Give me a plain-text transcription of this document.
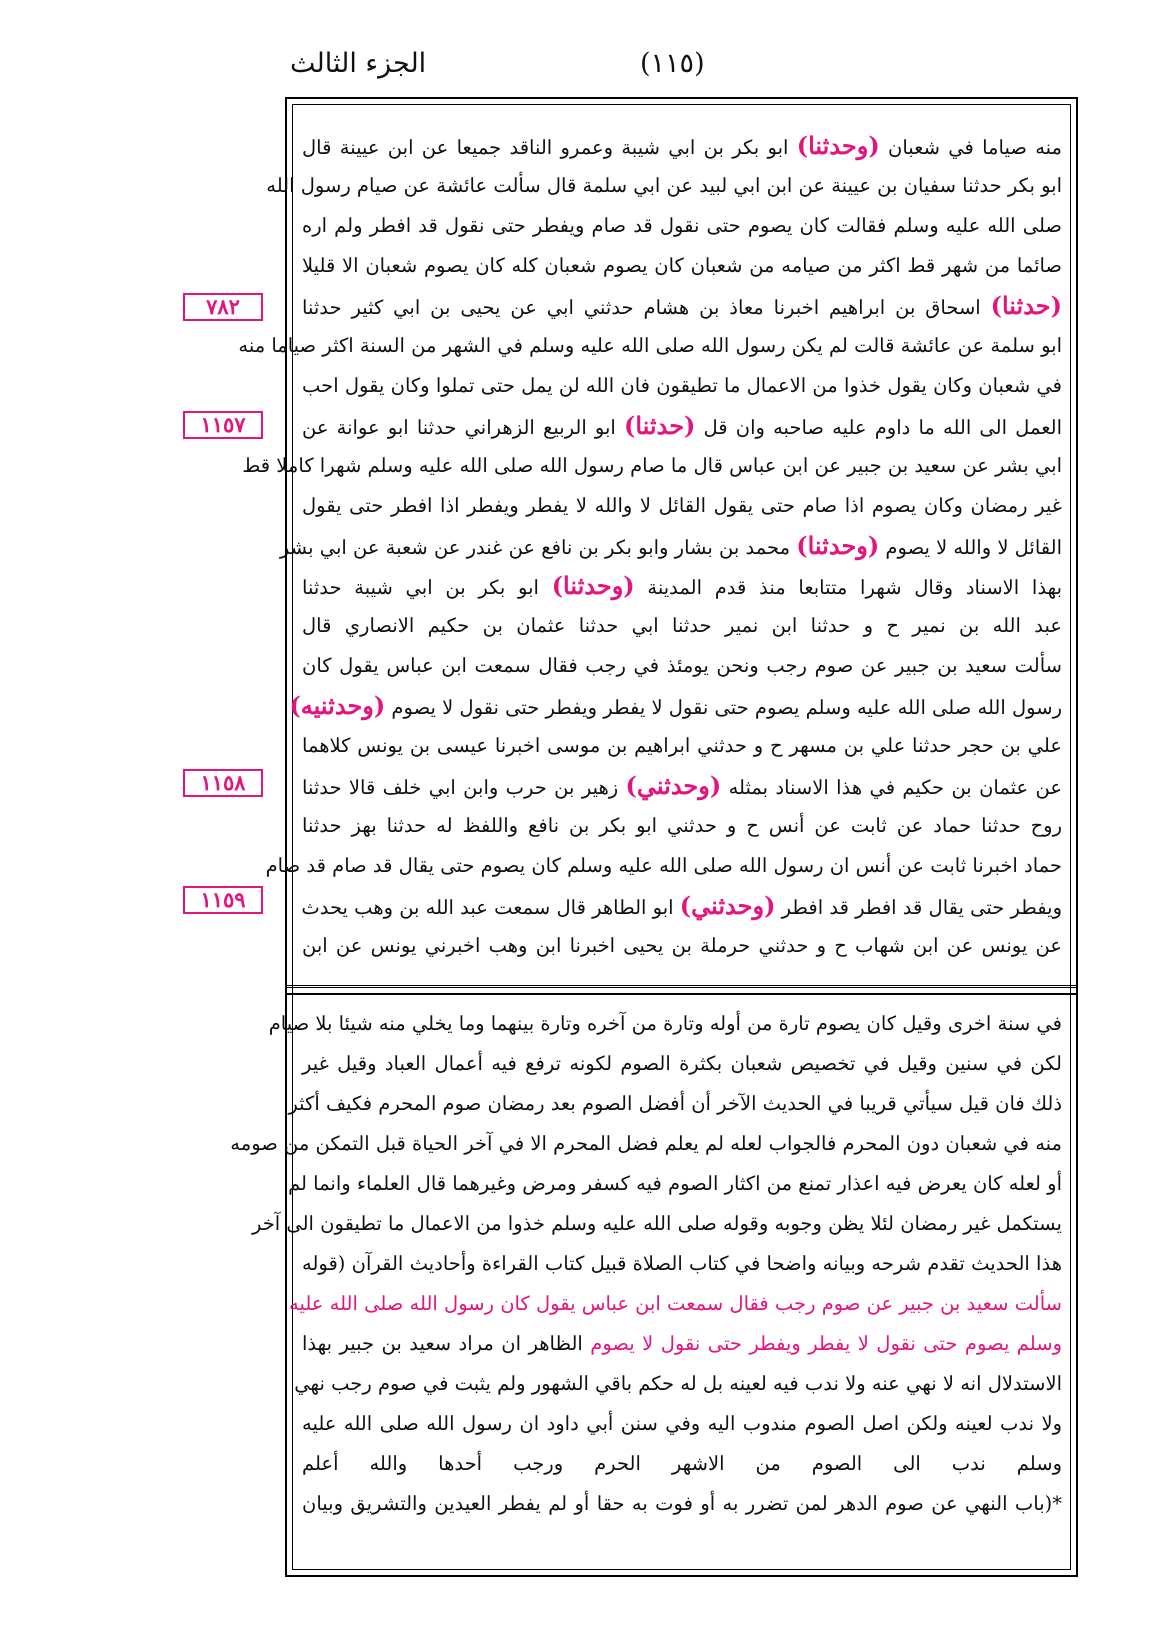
الجزء الثالث	(١١٥)
٧٨٢
١١٥٧
١١٥٨
١١٥٩
منه صياما في شعبان (وحدثنا) ابو بكر بن ابي شيبة وعمرو الناقد جميعا عن ابن عيينة قال
ابو بكر حدثنا سفيان بن عيينة عن ابن ابي لبيد عن ابي سلمة قال سألت عائشة عن صيام رسول الله
صلى الله عليه وسلم فقالت كان يصوم حتى نقول قد صام ويفطر حتى نقول قد افطر ولم اره
صائما من شهر قط اكثر من صيامه من شعبان كان يصوم شعبان كله كان يصوم شعبان الا قليلا
(حدثنا) اسحاق بن ابراهيم اخبرنا معاذ بن هشام حدثني ابي عن يحيى بن ابي كثير حدثنا
ابو سلمة عن عائشة قالت لم يكن رسول الله صلى الله عليه وسلم في الشهر من السنة اكثر صياما منه
في شعبان وكان يقول خذوا من الاعمال ما تطيقون فان الله لن يمل حتى تملوا وكان يقول احب
العمل الى الله ما داوم عليه صاحبه وان قل (حدثنا) ابو الربيع الزهراني حدثنا ابو عوانة عن
ابي بشر عن سعيد بن جبير عن ابن عباس قال ما صام رسول الله صلى الله عليه وسلم شهرا كاملا قط
غير رمضان وكان يصوم اذا صام حتى يقول القائل لا والله لا يفطر ويفطر اذا افطر حتى يقول
القائل لا والله لا يصوم (وحدثنا) محمد بن بشار وابو بكر بن نافع عن غندر عن شعبة عن ابي بشر
بهذا الاسناد وقال شهرا متتابعا منذ قدم المدينة (وحدثنا) ابو بكر بن ابي شيبة حدثنا
عبد الله بن نمير ح و حدثنا ابن نمير حدثنا ابي حدثنا عثمان بن حكيم الانصاري قال
سألت سعيد بن جبير عن صوم رجب ونحن يومئذ في رجب فقال سمعت ابن عباس يقول كان
رسول الله صلى الله عليه وسلم يصوم حتى نقول لا يفطر ويفطر حتى نقول لا يصوم (وحدثنيه)
علي بن حجر حدثنا علي بن مسهر ح و حدثني ابراهيم بن موسى اخبرنا عيسى بن يونس كلاهما
عن عثمان بن حكيم في هذا الاسناد بمثله (وحدثني) زهير بن حرب وابن ابي خلف قالا حدثنا
روح حدثنا حماد عن ثابت عن أنس ح و حدثني ابو بكر بن نافع واللفظ له حدثنا بهز حدثنا
حماد اخبرنا ثابت عن أنس ان رسول الله صلى الله عليه وسلم كان يصوم حتى يقال قد صام قد صام
ويفطر حتى يقال قد افطر قد افطر (وحدثني) ابو الطاهر قال سمعت عبد الله بن وهب يحدث
عن يونس عن ابن شهاب ح و حدثني حرملة بن يحيى اخبرنا ابن وهب اخبرني يونس عن ابن
في سنة اخرى وقيل كان يصوم تارة من أوله وتارة من آخره وتارة بينهما وما يخلي منه شيئا بلا صيام
لكن في سنين وقيل في تخصيص شعبان بكثرة الصوم لكونه ترفع فيه أعمال العباد وقيل غير
ذلك فان قيل سيأتي قريبا في الحديث الآخر أن أفضل الصوم بعد رمضان صوم المحرم فكيف أكثر
منه في شعبان دون المحرم فالجواب لعله لم يعلم فضل المحرم الا في آخر الحياة قبل التمكن من صومه
أو لعله كان يعرض فيه اعذار تمنع من اكثار الصوم فيه كسفر ومرض وغيرهما قال العلماء وانما لم
يستكمل غير رمضان لئلا يظن وجوبه وقوله صلى الله عليه وسلم خذوا من الاعمال ما تطيقون الى آخر
هذا الحديث تقدم شرحه وبيانه واضحا في كتاب الصلاة قبيل كتاب القراءة وأحاديث القرآن (قوله
سألت سعيد بن جبير عن صوم رجب فقال سمعت ابن عباس يقول كان رسول الله صلى الله عليه
وسلم يصوم حتى نقول لا يفطر ويفطر حتى نقول لا يصوم الظاهر ان مراد سعيد بن جبير بهذا
الاستدلال انه لا نهي عنه ولا ندب فيه لعينه بل له حكم باقي الشهور ولم يثبت في صوم رجب نهي
ولا ندب لعينه ولكن اصل الصوم مندوب اليه وفي سنن أبي داود ان رسول الله صلى الله عليه
وسلم ندب الى الصوم من الاشهر الحرم ورجب أحدها والله أعلم
*(باب النهي عن صوم الدهر لمن تضرر به أو فوت به حقا أو لم يفطر العيدين والتشريق وبيان
